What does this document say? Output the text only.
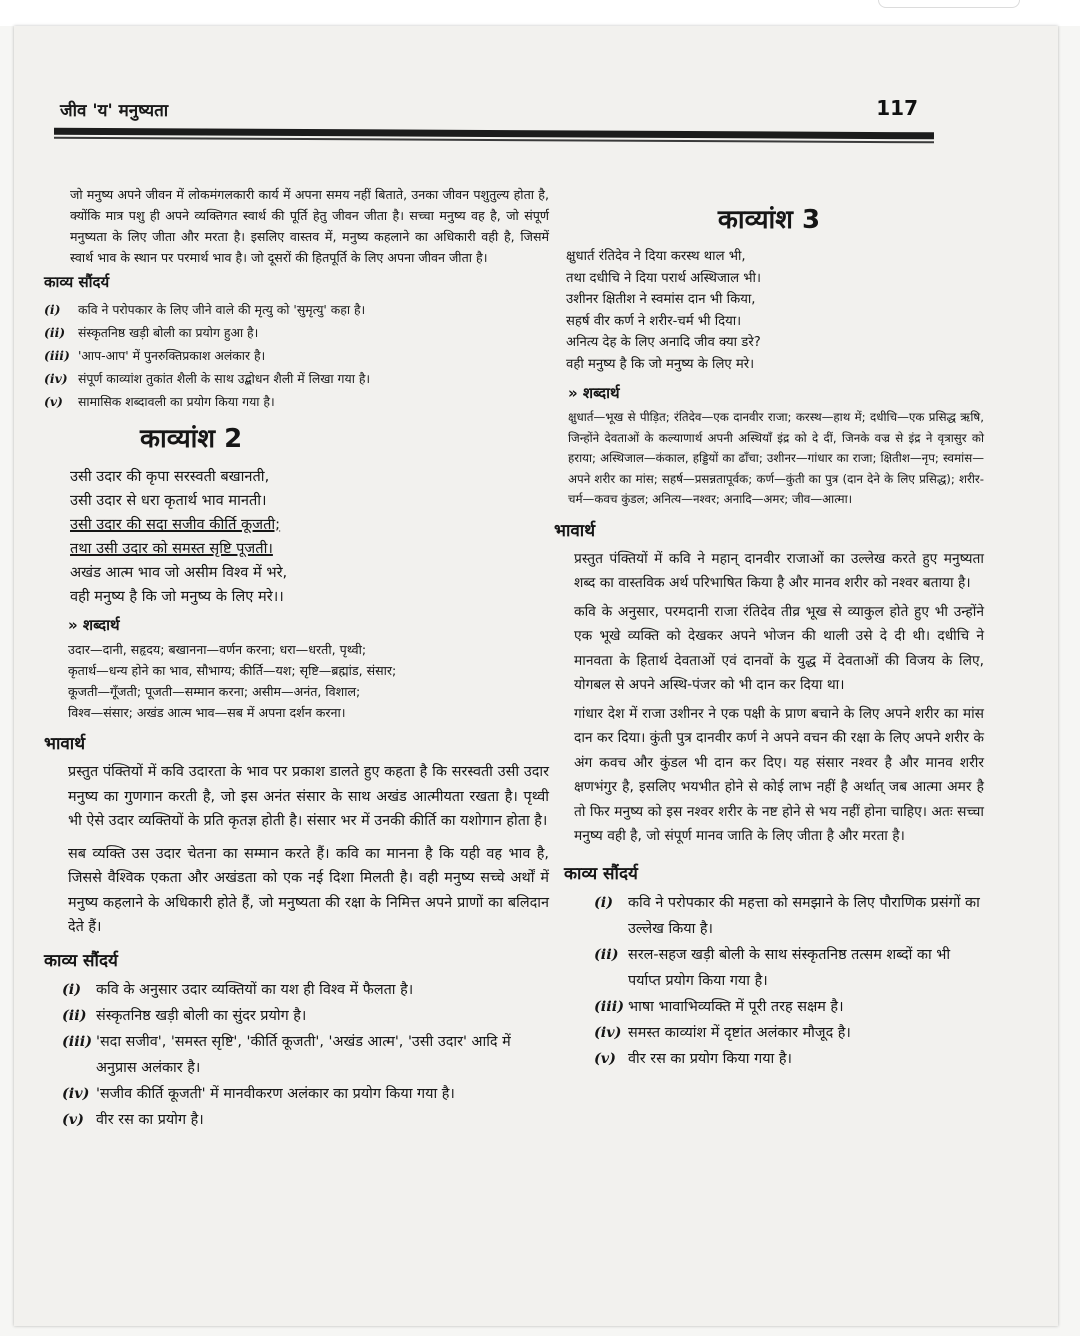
जीव 'य' मनुष्यता	117

जो मनुष्य अपने जीवन में लोकमंगलकारी कार्य में अपना समय नहीं बिताते, उनका जीवन पशुतुल्य होता है, क्योंकि मात्र पशु ही अपने व्यक्तिगत स्वार्थ की पूर्ति हेतु जीवन जीता है। सच्चा मनुष्य वह है, जो संपूर्ण मनुष्यता के लिए जीता और मरता है। इसलिए वास्तव में, मनुष्य कहलाने का अधिकारी वही है, जिसमें स्वार्थ भाव के स्थान पर परमार्थ भाव है। जो दूसरों की हितपूर्ति के लिए अपना जीवन जीता है।

काव्य सौंदर्य
(i)	कवि ने परोपकार के लिए जीने वाले की मृत्यु को 'सुमृत्यु' कहा है।
(ii)	संस्कृतनिष्ठ खड़ी बोली का प्रयोग हुआ है।
(iii) 'आप-आप' में पुनरुक्तिप्रकाश अलंकार है।
(iv) संपूर्ण काव्यांश तुकांत शैली के साथ उद्बोधन शैली में लिखा गया है।
(v)	सामासिक शब्दावली का प्रयोग किया गया है।
काव्यांश 2
उसी उदार की कृपा सरस्वती बखानती,
उसी उदार से धरा कृतार्थ भाव मानती।
उसी उदार की सदा सजीव कीर्ति कूजती;
तथा उसी उदार को समस्त सृष्टि पूजती।
अखंड आत्म भाव जो असीम विश्व में भरे,
वही मनुष्य है कि जो मनुष्य के लिए मरे।।
» शब्दार्थ
उदार—दानी, सहृदय; बखानना—वर्णन करना; धरा—धरती, पृथ्वी;
कृतार्थ—धन्य होने का भाव, सौभाग्य; कीर्ति—यश; सृष्टि—ब्रह्मांड, संसार;
कूजती—गूँजती; पूजती—सम्मान करना; असीम—अनंत, विशाल;
विश्व—संसार; अखंड आत्म भाव—सब में अपना दर्शन करना।
भावार्थ

प्रस्तुत पंक्तियों में कवि उदारता के भाव पर प्रकाश डालते हुए कहता है कि सरस्वती उसी उदार मनुष्य का गुणगान करती है, जो इस अनंत संसार के साथ अखंड आत्मीयता रखता है। पृथ्वी भी ऐसे उदार व्यक्तियों के प्रति कृतज्ञ होती है। संसार भर में उनकी कीर्ति का यशोगान होता है।

सब व्यक्ति उस उदार चेतना का सम्मान करते हैं। कवि का मानना है कि यही वह भाव है, जिससे वैश्विक एकता और अखंडता को एक नई दिशा मिलती है। वही मनुष्य सच्चे अर्थों में मनुष्य कहलाने के अधिकारी होते हैं, जो मनुष्यता की रक्षा के निमित्त अपने प्राणों का बलिदान देते हैं।

काव्य सौंदर्य
(i)	कवि के अनुसार उदार व्यक्तियों का यश ही विश्व में फैलता है।
(ii) संस्कृतनिष्ठ खड़ी बोली का सुंदर प्रयोग है।
(iii) 'सदा सजीव', 'समस्त सृष्टि', 'कीर्ति कूजती', 'अखंड आत्म', 'उसी उदार' आदि में अनुप्रास अलंकार है।
(iv) 'सजीव कीर्ति कूजती' में मानवीकरण अलंकार का प्रयोग किया गया है।
(v) वीर रस का प्रयोग है।
काव्यांश 3
क्षुधार्त रंतिदेव ने दिया करस्थ थाल भी,
तथा दधीचि ने दिया परार्थ अस्थिजाल भी।
उशीनर क्षितीश ने स्वमांस दान भी किया,
सहर्ष वीर कर्ण ने शरीर-चर्म भी दिया।
अनित्य देह के लिए अनादि जीव क्या डरे?
वही मनुष्य है कि जो मनुष्य के लिए मरे।
» शब्दार्थ

क्षुधार्त—भूख से पीड़ित; रंतिदेव—एक दानवीर राजा; करस्थ—हाथ में; दधीचि—एक प्रसिद्ध ऋषि, जिन्होंने देवताओं के कल्याणार्थ अपनी अस्थियाँ इंद्र को दे दीं, जिनके वज्र से इंद्र ने वृत्रासुर को हराया; अस्थिजाल—कंकाल, हड्डियों का ढाँचा; उशीनर—गांधार का राजा; क्षितीश—नृप; स्वमांस—अपने शरीर का मांस; सहर्ष—प्रसन्नतापूर्वक; कर्ण—कुंती का पुत्र (दान देने के लिए प्रसिद्ध); शरीर-चर्म—कवच कुंडल; अनित्य—नश्वर; अनादि—अमर; जीव—आत्मा।

भावार्थ

प्रस्तुत पंक्तियों में कवि ने महान् दानवीर राजाओं का उल्लेख करते हुए मनुष्यता शब्द का वास्तविक अर्थ परिभाषित किया है और मानव शरीर को नश्वर बताया है।

कवि के अनुसार, परमदानी राजा रंतिदेव तीव्र भूख से व्याकुल होते हुए भी उन्होंने एक भूखे व्यक्ति को देखकर अपने भोजन की थाली उसे दे दी थी। दधीचि ने मानवता के हितार्थ देवताओं एवं दानवों के युद्ध में देवताओं की विजय के लिए, योगबल से अपने अस्थि-पंजर को भी दान कर दिया था।

गांधार देश में राजा उशीनर ने एक पक्षी के प्राण बचाने के लिए अपने शरीर का मांस दान कर दिया। कुंती पुत्र दानवीर कर्ण ने अपने वचन की रक्षा के लिए अपने शरीर के अंग कवच और कुंडल भी दान कर दिए। यह संसार नश्वर है और मानव शरीर क्षणभंगुर है, इसलिए भयभीत होने से कोई लाभ नहीं है अर्थात् जब आत्मा अमर है तो फिर मनुष्य को इस नश्वर शरीर के नष्ट होने से भय नहीं होना चाहिए। अतः सच्चा मनुष्य वही है, जो संपूर्ण मानव जाति के लिए जीता है और मरता है।

काव्य सौंदर्य
(i)	कवि ने परोपकार की महत्ता को समझाने के लिए पौराणिक प्रसंगों का उल्लेख किया है।
(ii) सरल-सहज खड़ी बोली के साथ संस्कृतनिष्ठ तत्सम शब्दों का भी पर्याप्त प्रयोग किया गया है।
(iii) भाषा भावाभिव्यक्ति में पूरी तरह सक्षम है।
(iv) समस्त काव्यांश में दृष्टांत अलंकार मौजूद है।
(v) वीर रस का प्रयोग किया गया है।
